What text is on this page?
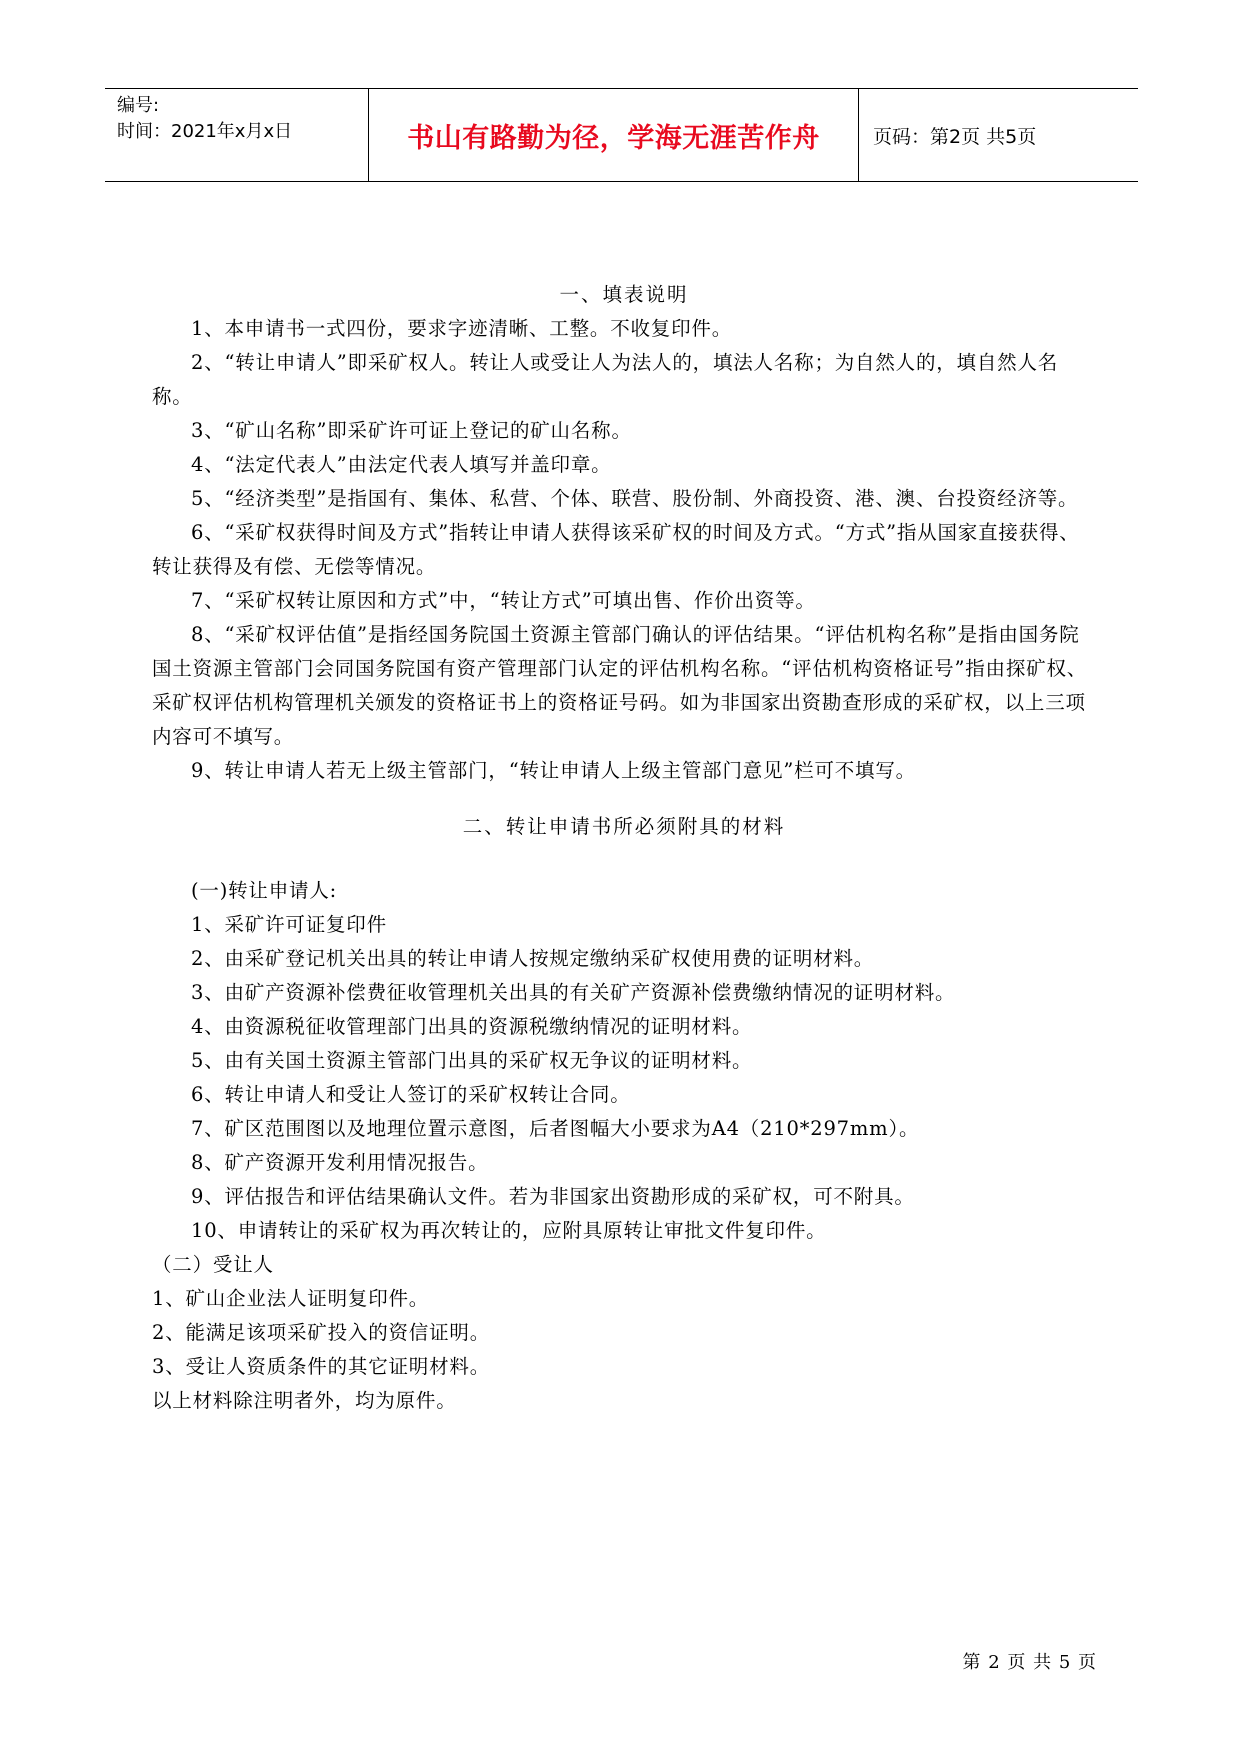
编号:
时间：2021年x月x日	书山有路勤为径，学海无涯苦作舟	页码：第2页 共5页

一、填表说明

1、本申请书一式四份，要求字迹清晰、工整。不收复印件。

2、“转让申请人”即采矿权人。转让人或受让人为法人的，填法人名称；为自然人的，填自然人名称。

3、“矿山名称”即采矿许可证上登记的矿山名称。

4、“法定代表人”由法定代表人填写并盖印章。

5、“经济类型”是指国有、集体、私营、个体、联营、股份制、外商投资、港、澳、台投资经济等。

6、“采矿权获得时间及方式”指转让申请人获得该采矿权的时间及方式。“方式”指从国家直接获得、转让获得及有偿、无偿等情况。

7、“采矿权转让原因和方式”中，“转让方式”可填出售、作价出资等。

8、“采矿权评估值”是指经国务院国土资源主管部门确认的评估结果。“评估机构名称”是指由国务院国土资源主管部门会同国务院国有资产管理部门认定的评估机构名称。“评估机构资格证号”指由探矿权、采矿权评估机构管理机关颁发的资格证书上的资格证号码。如为非国家出资勘查形成的采矿权，以上三项内容可不填写。

9、转让申请人若无上级主管部门，“转让申请人上级主管部门意见”栏可不填写。

二、转让申请书所必须附具的材料

(一)转让申请人:

1、采矿许可证复印件

2、由采矿登记机关出具的转让申请人按规定缴纳采矿权使用费的证明材料。

3、由矿产资源补偿费征收管理机关出具的有关矿产资源补偿费缴纳情况的证明材料。

4、由资源税征收管理部门出具的资源税缴纳情况的证明材料。

5、由有关国土资源主管部门出具的采矿权无争议的证明材料。

6、转让申请人和受让人签订的采矿权转让合同。

7、矿区范围图以及地理位置示意图，后者图幅大小要求为A4（210*297mm）。

8、矿产资源开发利用情况报告。

9、评估报告和评估结果确认文件。若为非国家出资勘形成的采矿权，可不附具。

10、申请转让的采矿权为再次转让的，应附具原转让审批文件复印件。

（二）受让人

1、矿山企业法人证明复印件。

2、能满足该项采矿投入的资信证明。

3、受让人资质条件的其它证明材料。

以上材料除注明者外，均为原件。

第 2 页 共 5 页
